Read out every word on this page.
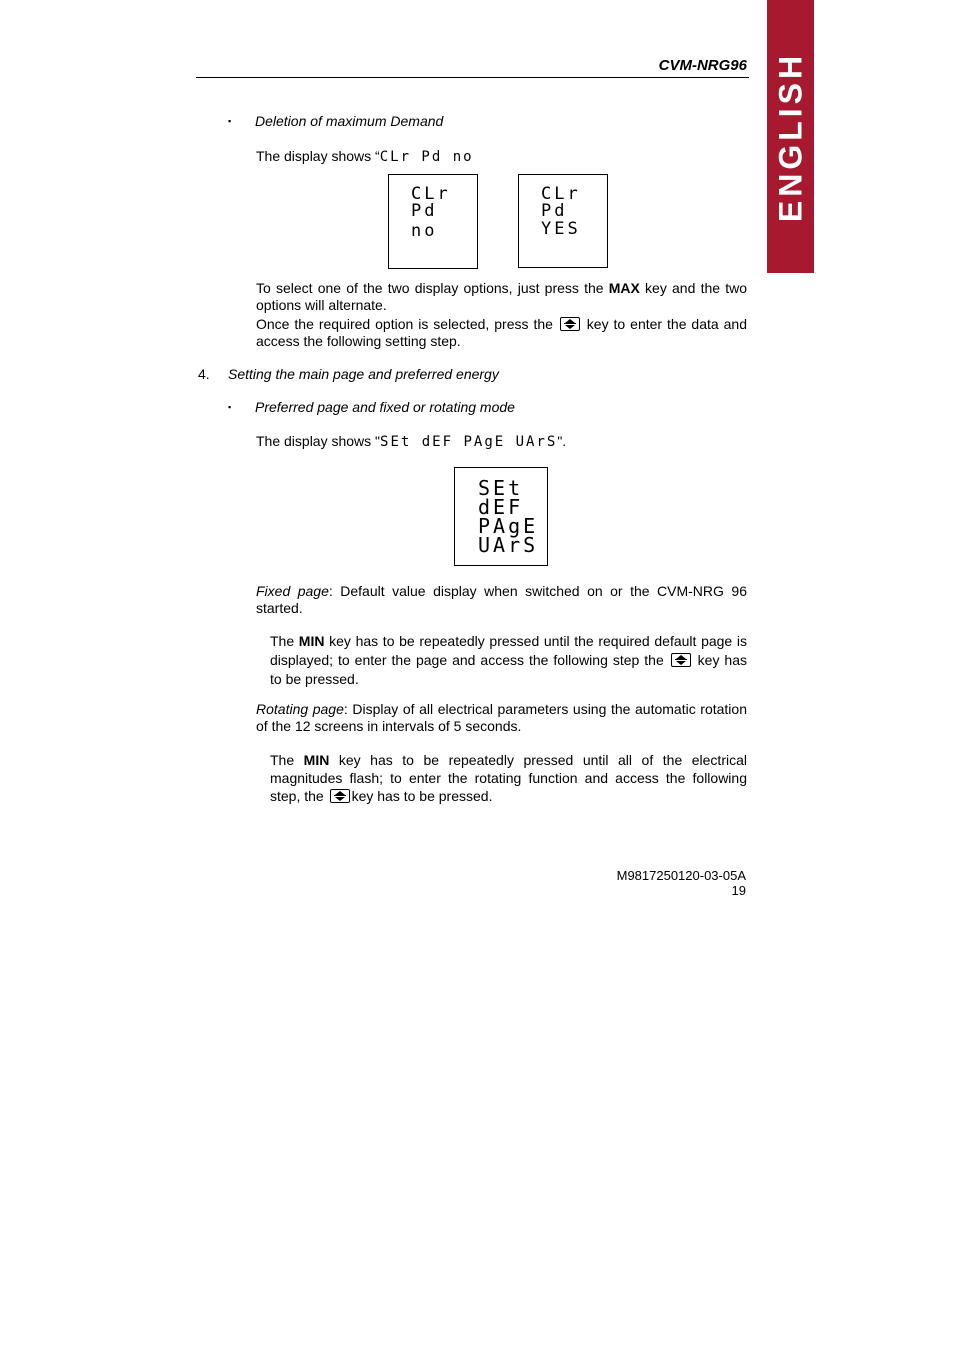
CVM-NRG96 ENGLISH
▪ Deletion of maximum Demand
The display shows “CLr Pd no
CLr
Pd
no
CLr
Pd
YES

To select one of the two display options, just press the MAX key and the two options will alternate.

Once the required option is selected, press the
key to enter the data and access the following setting step.

4. Setting the main page and preferred energy
▪ Preferred page and fixed or rotating mode
The display shows "SEt dEF PAgE UArS".
SEt
dEF
PAgE
UArS

Fixed page: Default value display when switched on or the CVM-NRG 96 started.

The MIN key has to be repeatedly pressed until the required default page is displayed; to enter the page and access the following step the
key has to be pressed.

Rotating page: Display of all electrical parameters using the automatic rotation of the 12 screens in intervals of 5 seconds.

The MIN key has to be repeatedly pressed until all of the electrical magnitudes flash; to enter the rotating function and access the following step, the
key has to be pressed.

M9817250120-03-05A
19
